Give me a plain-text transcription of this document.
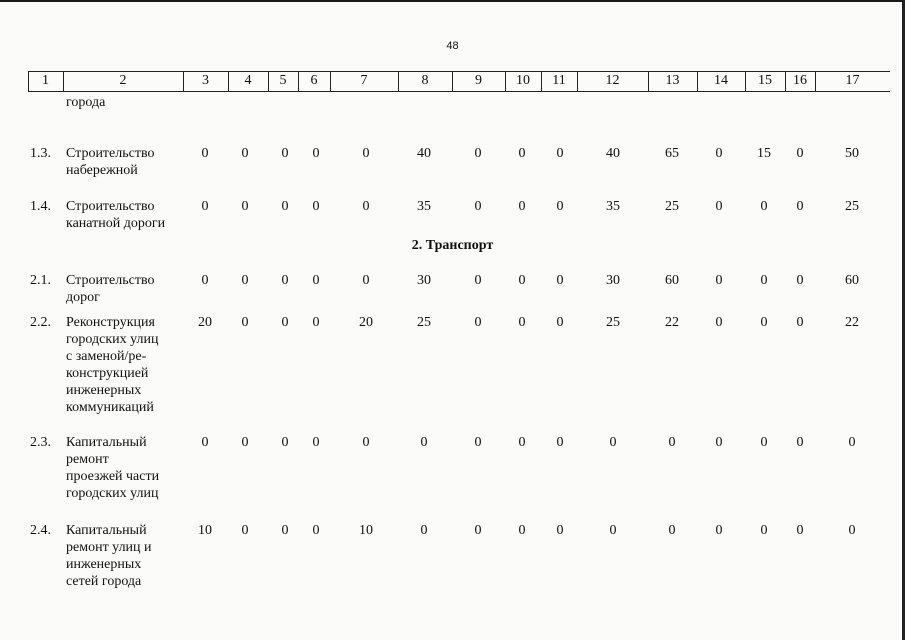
48
1	2	3	4	5	6	7	8	9	10	11	12	13	14	15	16	17
города
2. Транспорт
1.3. Строительство
набережной
0	0	0	0	0	40	0	0	0	40	65	0	15	0	50
1.4. Строительство
канатной дороги
0	0	0	0	0	35	0	0	0	35	25	0	0	0	25
2.1. Строительство
дорог
0	0	0	0	0	30	0	0	0	30	60	0	0	0	60
2.2. Реконструкция
городских улиц
с заменой/ре-
конструкцией
инженерных
коммуникаций
20	0	0	0	20	25	0	0	0	25	22	0	0	0	22
2.3. Капитальный
ремонт
проезжей части
городских улиц
0	0	0	0	0	0	0	0	0	0	0	0	0	0	0
2.4. Капитальный
ремонт улиц и
инженерных
сетей города
10	0	0	0	10	0	0	0	0	0	0	0	0	0	0
